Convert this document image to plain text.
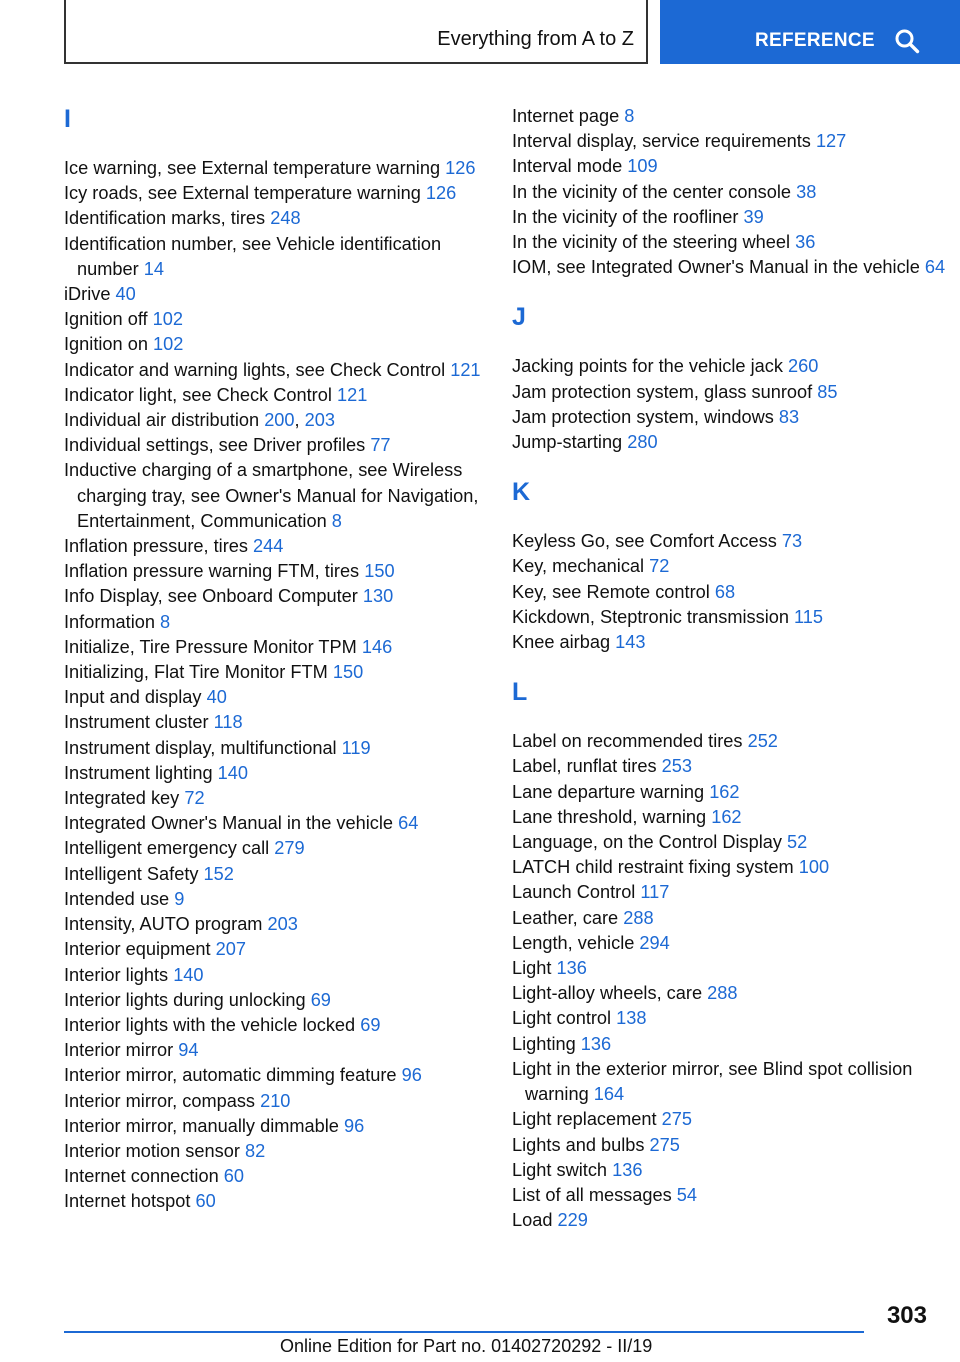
Everything from A to Z	REFERENCE
I
Ice warning, see External temperature warning 126
Icy roads, see External temperature warning 126
Identification marks, tires 248
Identification number, see Vehicle identification number 14
iDrive 40
Ignition off 102
Ignition on 102
Indicator and warning lights, see Check Control 121
Indicator light, see Check Control 121
Individual air distribution 200, 203
Individual settings, see Driver profiles 77
Inductive charging of a smartphone, see Wireless charging tray, see Owner's Manual for Navigation, Entertainment, Communication 8
Inflation pressure, tires 244
Inflation pressure warning FTM, tires 150
Info Display, see Onboard Computer 130
Information 8
Initialize, Tire Pressure Monitor TPM 146
Initializing, Flat Tire Monitor FTM 150
Input and display 40
Instrument cluster 118
Instrument display, multifunctional 119
Instrument lighting 140
Integrated key 72
Integrated Owner's Manual in the vehicle 64
Intelligent emergency call 279
Intelligent Safety 152
Intended use 9
Intensity, AUTO program 203
Interior equipment 207
Interior lights 140
Interior lights during unlocking 69
Interior lights with the vehicle locked 69
Interior mirror 94
Interior mirror, automatic dimming feature 96
Interior mirror, compass 210
Interior mirror, manually dimmable 96
Interior motion sensor 82
Internet connection 60
Internet hotspot 60
Internet page 8
Interval display, service requirements 127
Interval mode 109
In the vicinity of the center console 38
In the vicinity of the roofliner 39
In the vicinity of the steering wheel 36
IOM, see Integrated Owner's Manual in the vehicle 64
J
Jacking points for the vehicle jack 260
Jam protection system, glass sunroof 85
Jam protection system, windows 83
Jump-starting 280
K
Keyless Go, see Comfort Access 73
Key, mechanical 72
Key, see Remote control 68
Kickdown, Steptronic transmission 115
Knee airbag 143
L
Label on recommended tires 252
Label, runflat tires 253
Lane departure warning 162
Lane threshold, warning 162
Language, on the Control Display 52
LATCH child restraint fixing system 100
Launch Control 117
Leather, care 288
Length, vehicle 294
Light 136
Light-alloy wheels, care 288
Light control 138
Lighting 136
Light in the exterior mirror, see Blind spot collision warning 164
Light replacement 275
Lights and bulbs 275
Light switch 136
List of all messages 54
Load 229
303
Online Edition for Part no. 01402720292 - II/19
